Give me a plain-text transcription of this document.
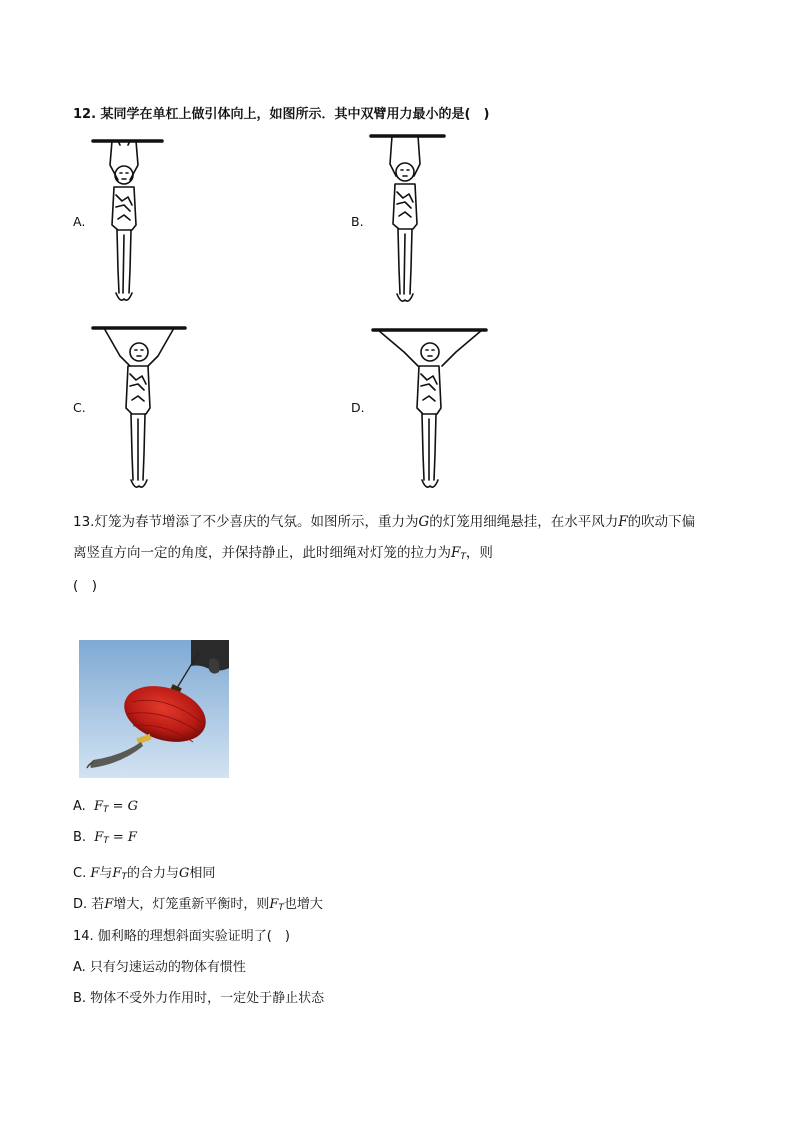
12. 某同学在单杠上做引体向上，如图所示．其中双臂用力最小的是(　)
A.	B.
C.	D.
13.灯笼为春节增添了不少喜庆的气氛。如图所示，重力为G的灯笼用细绳悬挂，在水平风力F的吹动下偏
离竖直方向一定的角度，并保持静止，此时细绳对灯笼的拉力为$F_T$，则
(　)
A. $F_T = G$
B. $F_T = F$
C. F与$F_T$的合力与G相同
D. 若F增大，灯笼重新平衡时，则$F_T$也增大
14. 伽利略的理想斜面实验证明了(　)
A. 只有匀速运动的物体有惯性
B. 物体不受外力作用时，一定处于静止状态
